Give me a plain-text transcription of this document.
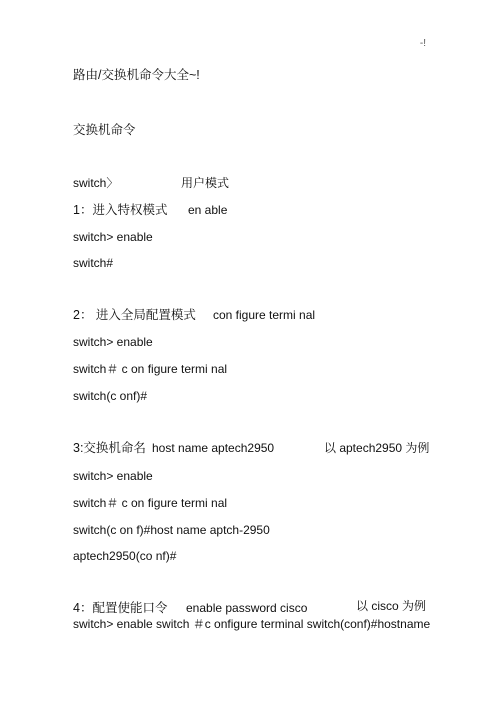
-!
路由/交换机命令大全~!
交换机命令
switch〉	用户模式
1：进入特权模式 en able
switch> enable
switch#
2： 进入全局配置模式 con figure termi nal
switch> enable
switch＃ c on figure termi nal
switch(c onf)#
3:交换机命名 host name aptech2950	以 aptech2950 为例
switch> enable
switch＃ c on figure termi nal
switch(c on f)#host name aptch-2950
aptech2950(co nf)#
4：配置使能口令 enable password cisco	以 cisco 为例
switch> enable switch ＃c onfigure terminal switch(conf)#hostname
